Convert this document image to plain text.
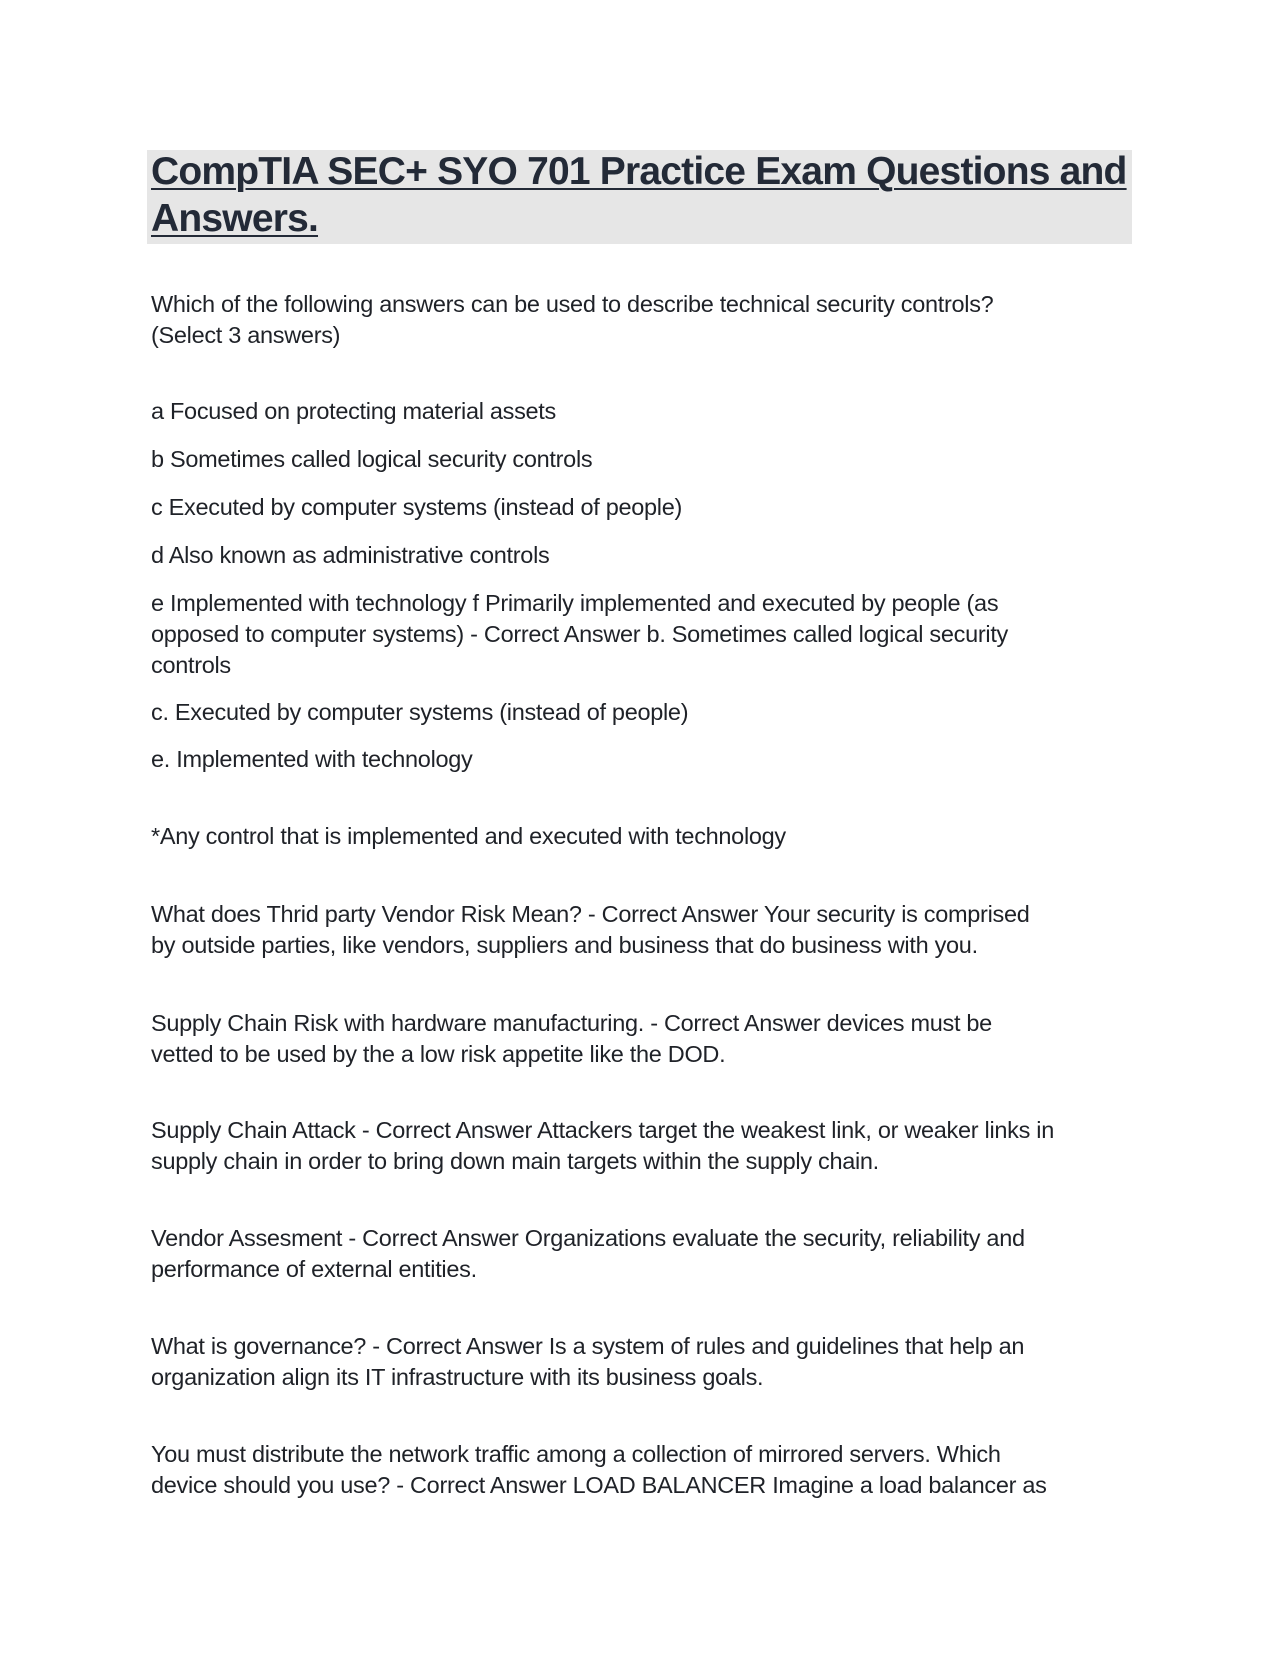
CompTIA SEC+ SYO 701 Practice Exam Questions and
Answers.

Which of the following answers can be used to describe technical security controls?

(Select 3 answers)

a Focused on protecting material assets

b Sometimes called logical security controls

c Executed by computer systems (instead of people)

d Also known as administrative controls

e Implemented with technology f Primarily implemented and executed by people (as

opposed to computer systems) - Correct Answer b. Sometimes called logical security

controls

c. Executed by computer systems (instead of people)

e. Implemented with technology

*Any control that is implemented and executed with technology

What does Thrid party Vendor Risk Mean? - Correct Answer Your security is comprised

by outside parties, like vendors, suppliers and business that do business with you.

Supply Chain Risk with hardware manufacturing. - Correct Answer devices must be

vetted to be used by the a low risk appetite like the DOD.

Supply Chain Attack - Correct Answer Attackers target the weakest link, or weaker links in

supply chain in order to bring down main targets within the supply chain.

Vendor Assesment - Correct Answer Organizations evaluate the security, reliability and

performance of external entities.

What is governance? - Correct Answer Is a system of rules and guidelines that help an

organization align its IT infrastructure with its business goals.

You must distribute the network traffic among a collection of mirrored servers. Which

device should you use? - Correct Answer LOAD BALANCER Imagine a load balancer as
